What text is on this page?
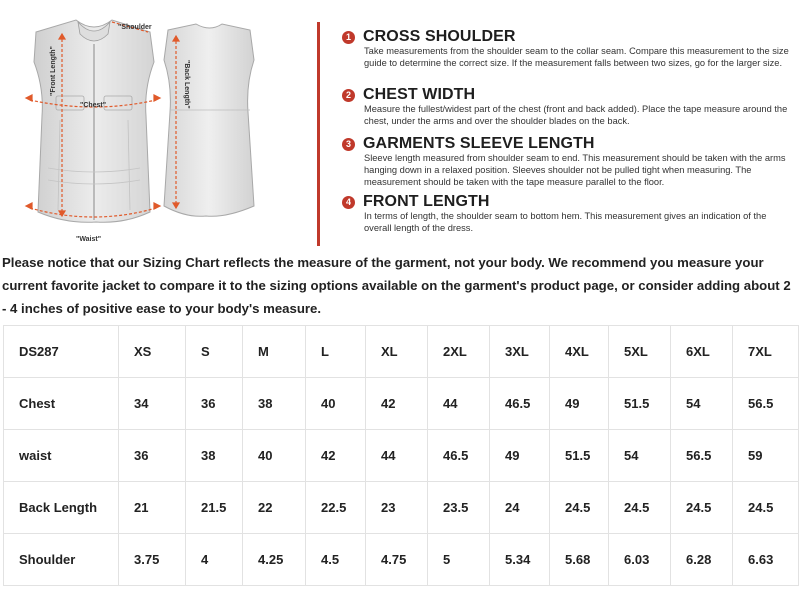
"Shoulder
"Front Length"	"Back Length"
"Chest"
"Waist"
1 CROSS SHOULDER
Take measurements from the shoulder seam to the collar seam. Compare this measurement to the size guide to determine the correct size. If the measurement falls between two sizes, go for the larger size.
2 CHEST WIDTH
Measure the fullest/widest part of the chest (front and back added). Place the tape measure around the chest, under the arms and over the shoulder blades on the back.
3 GARMENTS SLEEVE LENGTH
Sleeve length measured from shoulder seam to end. This measurement should be taken with the arms hanging down in a relaxed position. Sleeves shoulder not be pulled tight when measuring. The measurement should be taken with the tape measure parallel to the floor.
4 FRONT LENGTH
In terms of length, the shoulder seam to bottom hem. This measurement gives an indication of the overall length of the dress.

Please notice that our Sizing Chart reflects the measure of the garment, not your body. We recommend you measure your current favorite jacket to compare it to the sizing options available on the garment's product page, or consider adding about 2 - 4 inches of positive ease to your body's measure.

DS287	XS	S	M	L	XL	2XL	3XL	4XL	5XL	6XL	7XL
Chest	34	36	38	40	42	44	46.5	49	51.5	54	56.5
waist	36	38	40	42	44	46.5	49	51.5	54	56.5	59
Back Length	21	21.5	22	22.5	23	23.5	24	24.5	24.5	24.5	24.5
Shoulder	3.75	4	4.25	4.5	4.75	5	5.34	5.68	6.03	6.28	6.63
